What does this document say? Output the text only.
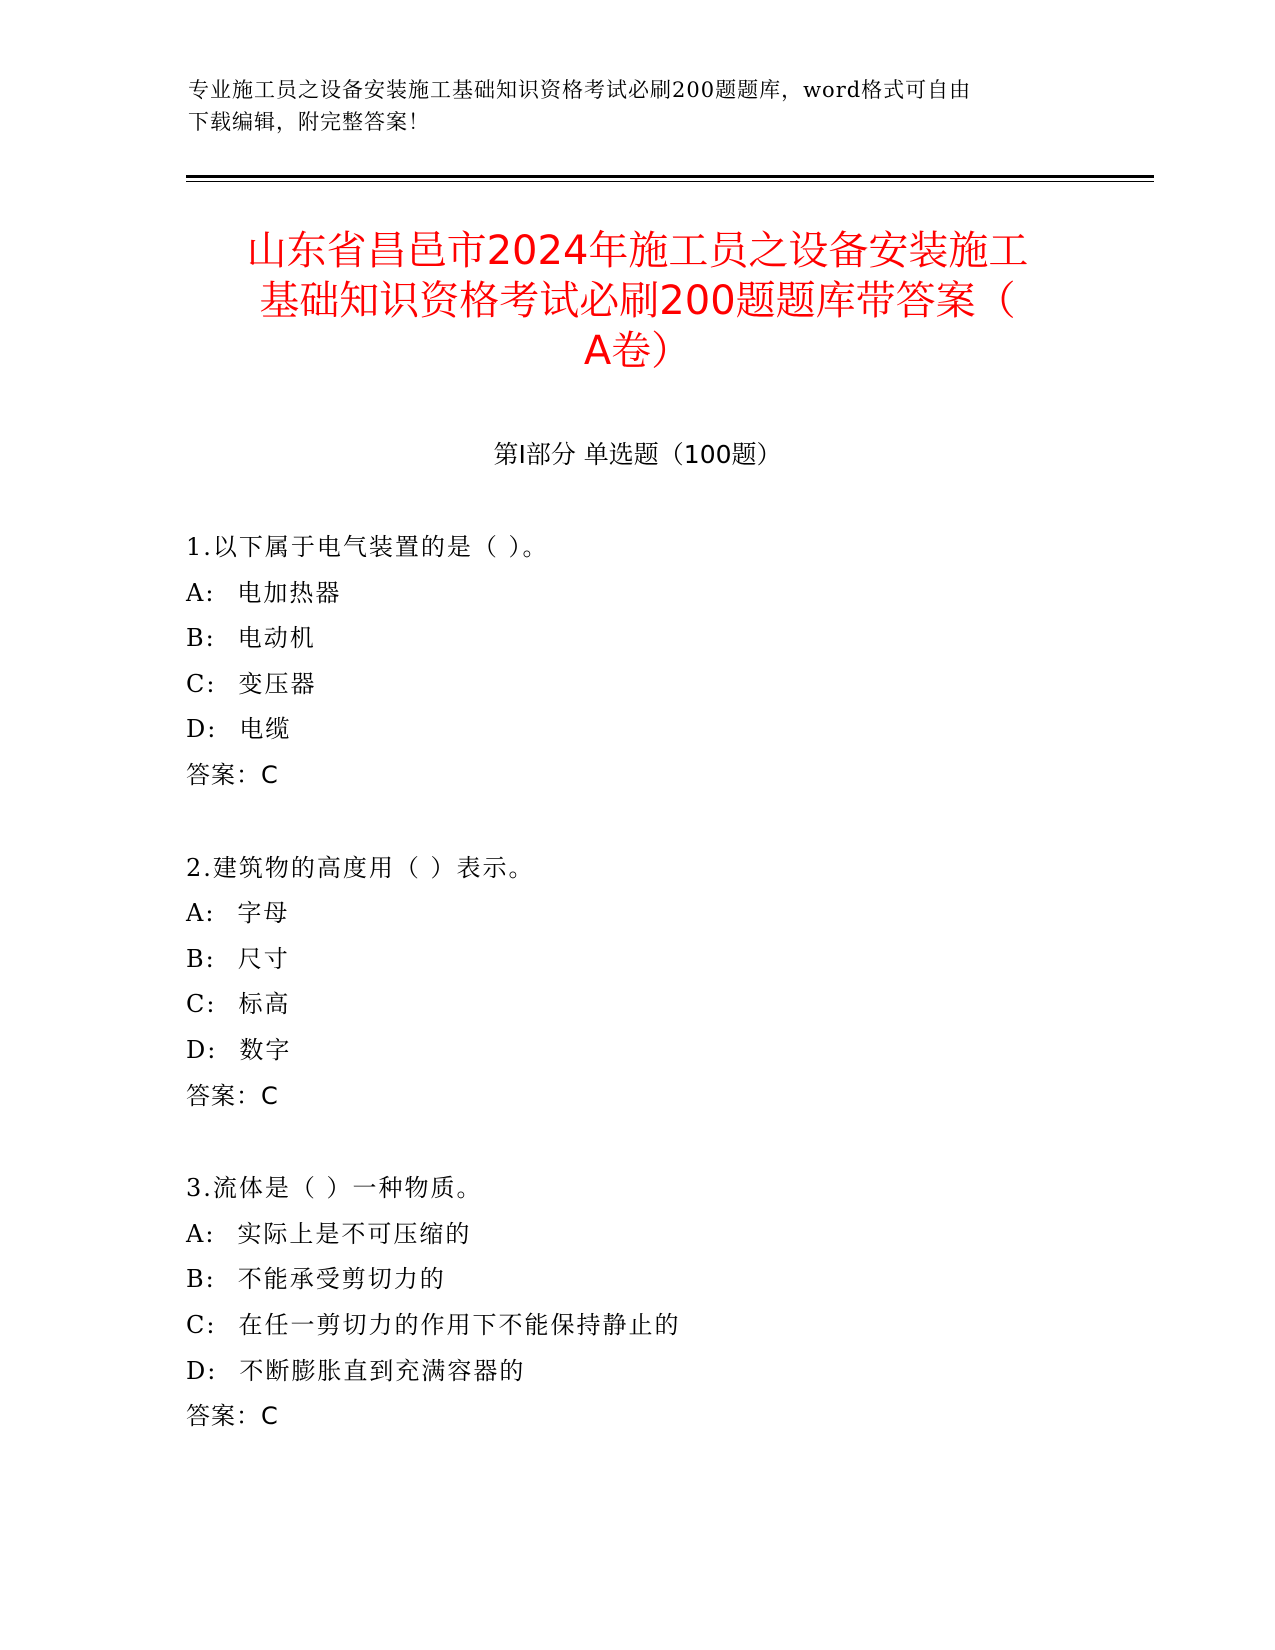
专业施工员之设备安装施工基础知识资格考试必刷200题题库，word格式可自由
下载编辑，附完整答案！
山东省昌邑市2024年施工员之设备安装施工
基础知识资格考试必刷200题题库带答案（
A卷）
第Ⅰ部分 单选题（100题）
1.以下属于电气装置的是（ ）。
A: 电加热器
B: 电动机
C: 变压器
D: 电缆
答案：C
2.建筑物的高度用（ ）表示。
A: 字母
B: 尺寸
C: 标高
D: 数字
答案：C
3.流体是（ ）一种物质。
A: 实际上是不可压缩的
B: 不能承受剪切力的
C: 在任一剪切力的作用下不能保持静止的
D: 不断膨胀直到充满容器的
答案：C
